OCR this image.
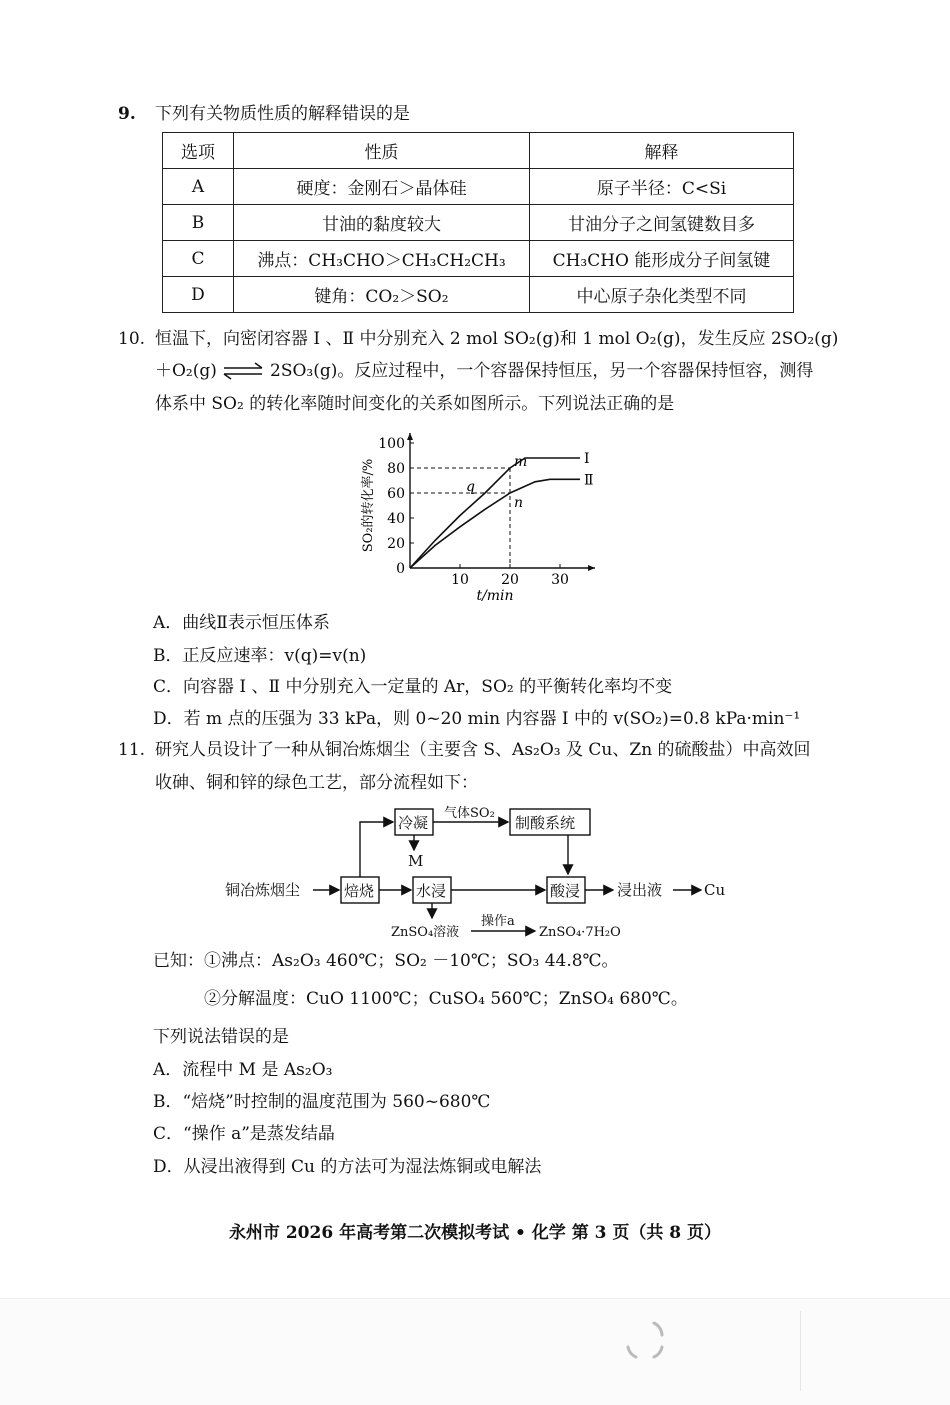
9. 下列有关物质性质的解释错误的是
选项	性质	解释
A	硬度：金刚石＞晶体硅	原子半径：C<Si
B	甘油的黏度较大	甘油分子之间氢键数目多
C	沸点：CH₃CHO＞CH₃CH₂CH₃	CH₃CHO 能形成分子间氢键
D	键角：CO₂＞SO₂	中心原子杂化类型不同
10. 恒温下，向密闭容器 Ⅰ 、Ⅱ 中分别充入 2 mol SO₂(g)和 1 mol O₂(g)，发生反应 2SO₂(g)
＋O₂(g) ⇌ 2SO₃(g)。反应过程中，一个容器保持恒压，另一个容器保持恒容，测得
体系中 SO₂ 的转化率随时间变化的关系如图所示。下列说法正确的是
0
20
40
60
80
100
10 20 30
t/min
SO₂的转化率/%	Ⅰ
Ⅱ
q
m
n
A．曲线Ⅱ表示恒压体系
B．正反应速率：v(q)=v(n)
C．向容器 Ⅰ 、Ⅱ 中分别充入一定量的 Ar，SO₂ 的平衡转化率均不变
D．若 m 点的压强为 33 kPa，则 0~20 min 内容器 Ⅰ 中的 v(SO₂)=0.8 kPa·min⁻¹
11. 研究人员设计了一种从铜冶炼烟尘（主要含 S、As₂O₃ 及 Cu、Zn 的硫酸盐）中高效回
收砷、铜和锌的绿色工艺，部分流程如下：
铜冶炼烟尘	焙烧
冷凝
气体SO₂
制酸系统
M
水浸	酸浸 浸出液	Cu
ZnSO₄溶液
操作a
ZnSO₄·7H₂O
已知：①沸点：As₂O₃ 460℃；SO₂ －10℃；SO₃ 44.8℃。
②分解温度：CuO 1100℃；CuSO₄ 560℃；ZnSO₄ 680℃。
下列说法错误的是
A．流程中 M 是 As₂O₃
B．“焙烧”时控制的温度范围为 560~680℃
C．“操作 a”是蒸发结晶
D．从浸出液得到 Cu 的方法可为湿法炼铜或电解法
永州市 2026 年高考第二次模拟考试 • 化学 第 3 页（共 8 页）
